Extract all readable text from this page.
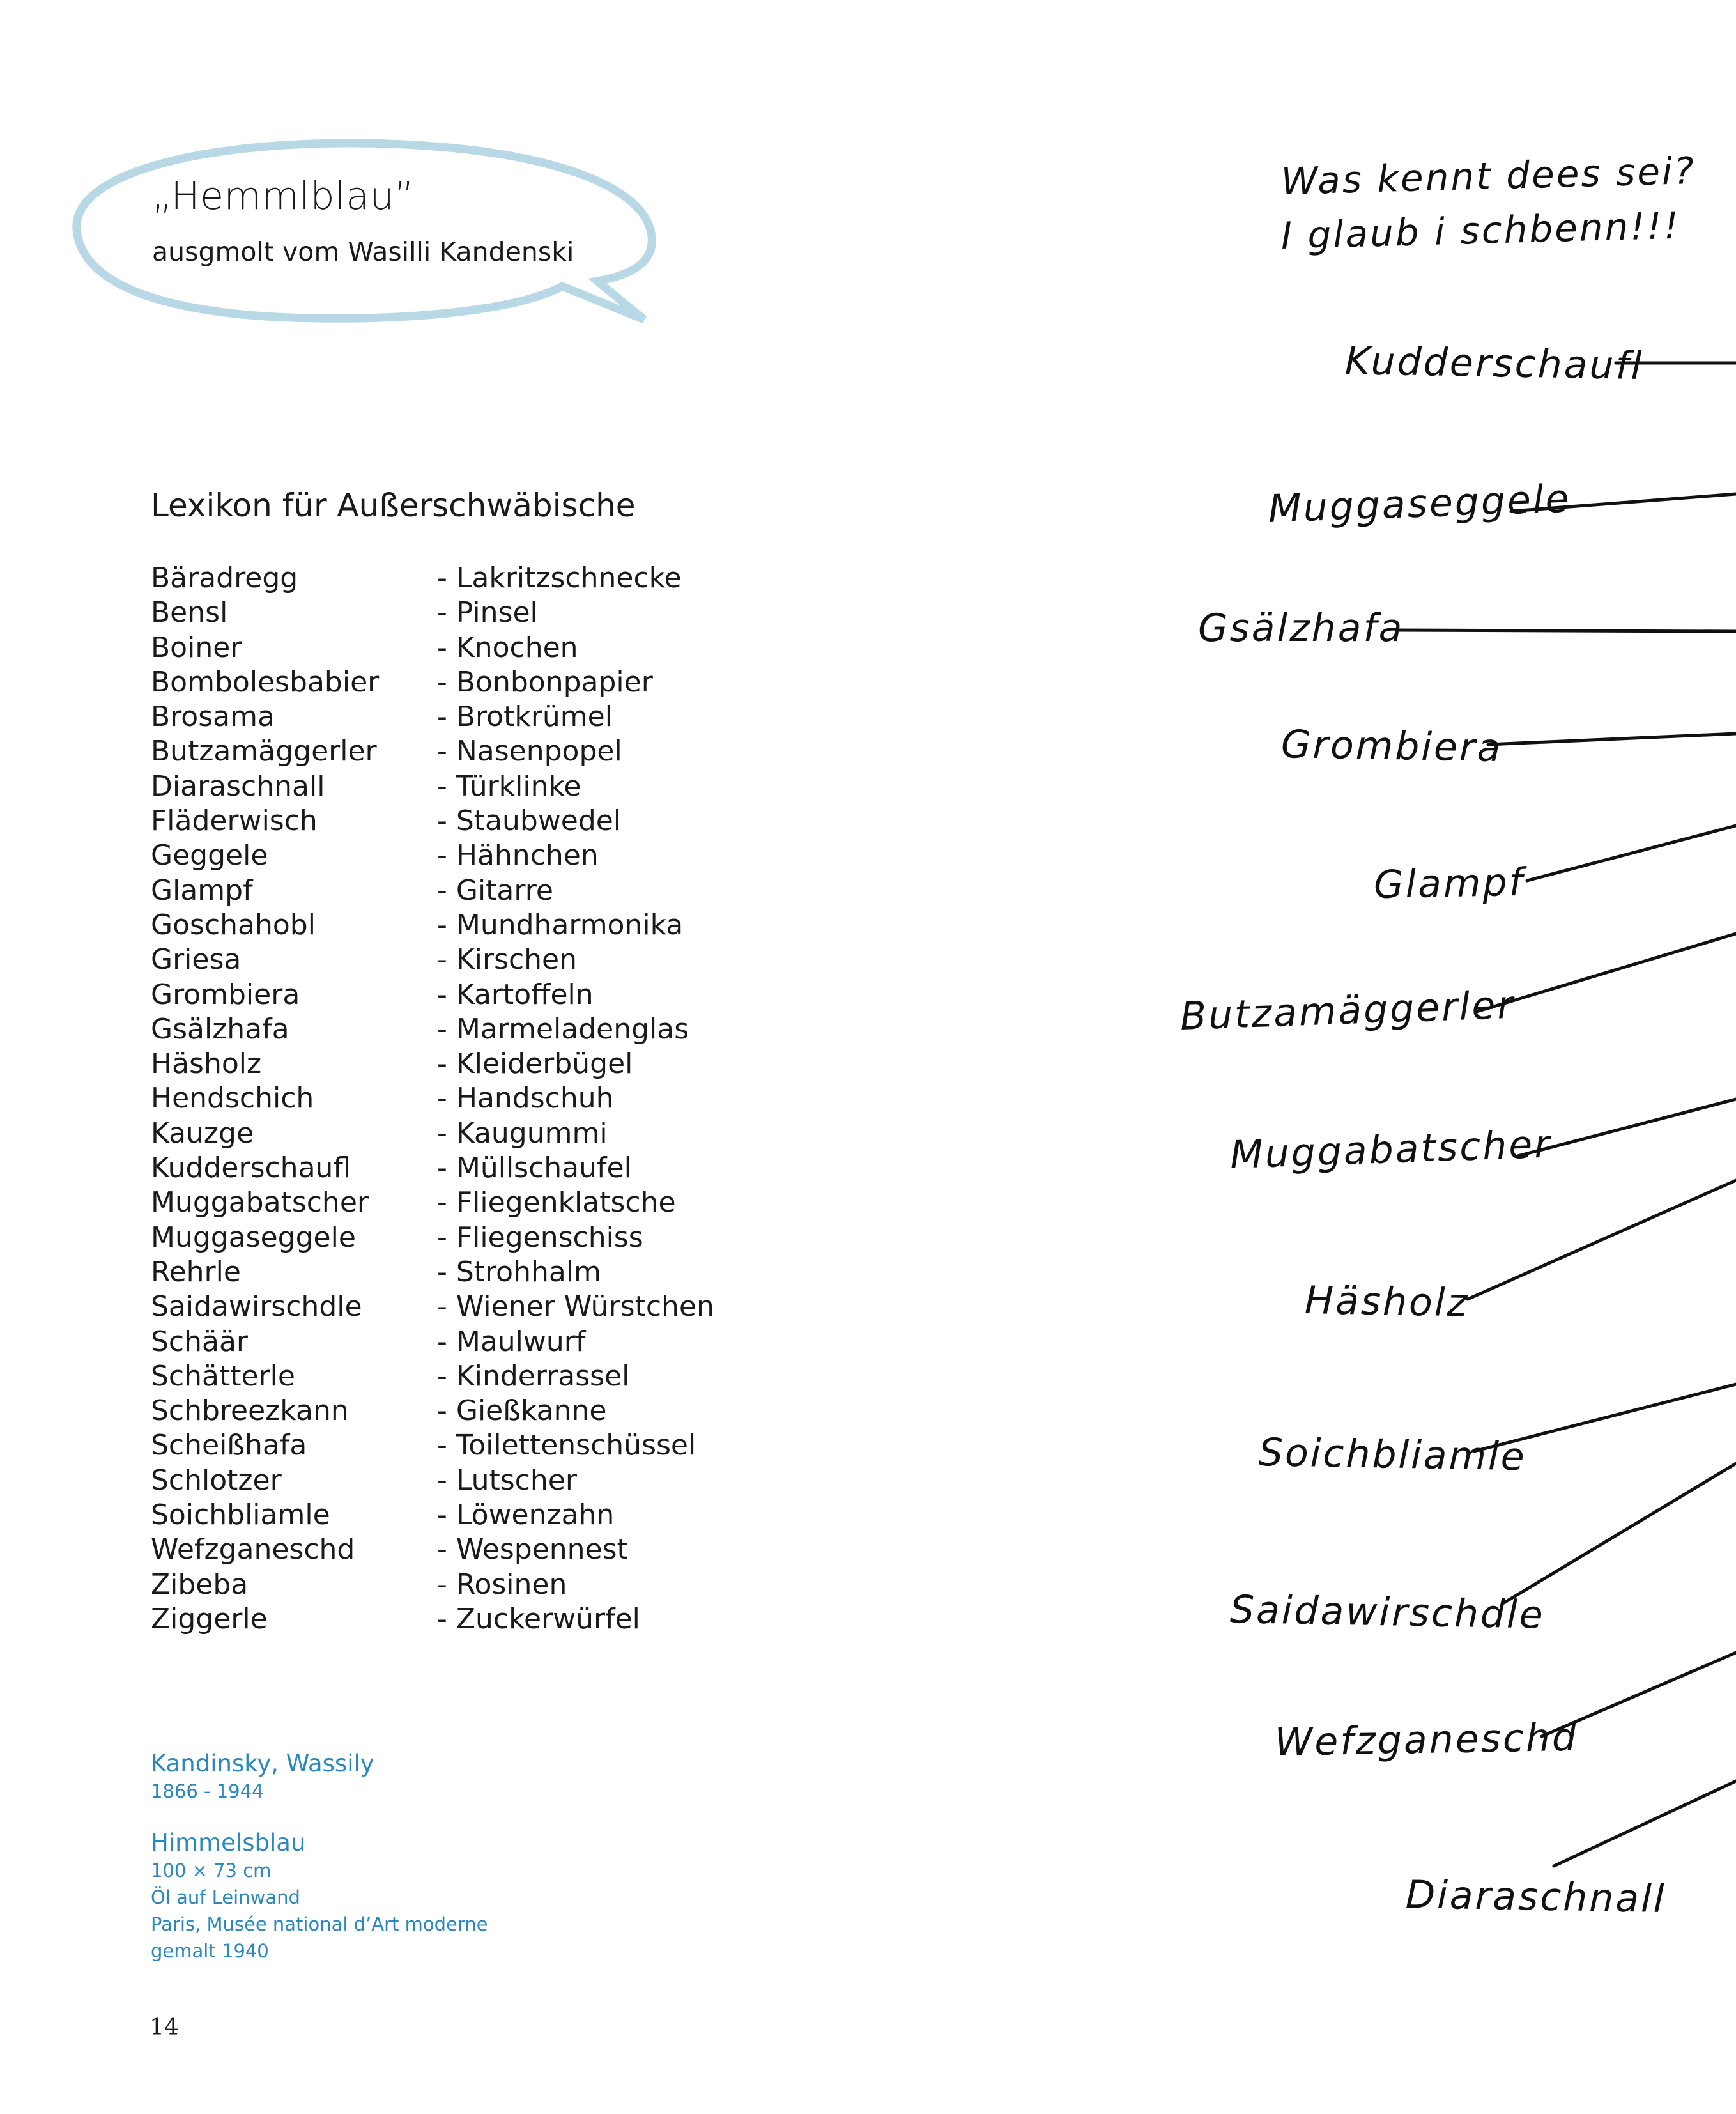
„Hemmlblau”
ausgmolt vom Wasilli Kandenski
Lexikon für Außerschwäbische
Bäradregg	- Lakritzschnecke
Bensl	- Pinsel
Boiner	- Knochen
Bombolesbabier - Bonbonpapier
Brosama	- Brotkrümel
Butzamäggerler - Nasenpopel
Diaraschnall	- Türklinke
Fläderwisch	- Staubwedel
Geggele	- Hähnchen
Glampf	- Gitarre
Goschahobl	- Mundharmonika
Griesa	- Kirschen
Grombiera	- Kartoffeln
Gsälzhafa	- Marmeladenglas
Häsholz	- Kleiderbügel
Hendschich	- Handschuh
Kauzge	- Kaugummi
Kudderschaufl	- Müllschaufel
Muggabatscher - Fliegenklatsche
Muggaseggele	- Fliegenschiss
Rehrle	- Strohhalm
Saidawirschdle	- Wiener Würstchen
Schäär	- Maulwurf
Schätterle	- Kinderrassel
Schbreezkann	- Gießkanne
Scheißhafa	- Toilettenschüssel
Schlotzer	- Lutscher
Soichbliamle	- Löwenzahn
Wefzganeschd	- Wespennest
Zibeba	- Rosinen
Ziggerle	- Zuckerwürfel
Kandinsky, Wassily
1866 - 1944
Himmelsblau
100 × 73 cm
Öl auf Leinwand
Paris, Musée national d’Art moderne
gemalt 1940
14
Was kennt dees sei?
I glaub i schbenn!!!
Kudderschaufl
Muggaseggele
Gsälzhafa
Grombiera
Glampf
Butzamäggerler
Muggabatscher
Häsholz
Soichbliamle
Saidawirschdle
Wefzganeschd
Diaraschnall
